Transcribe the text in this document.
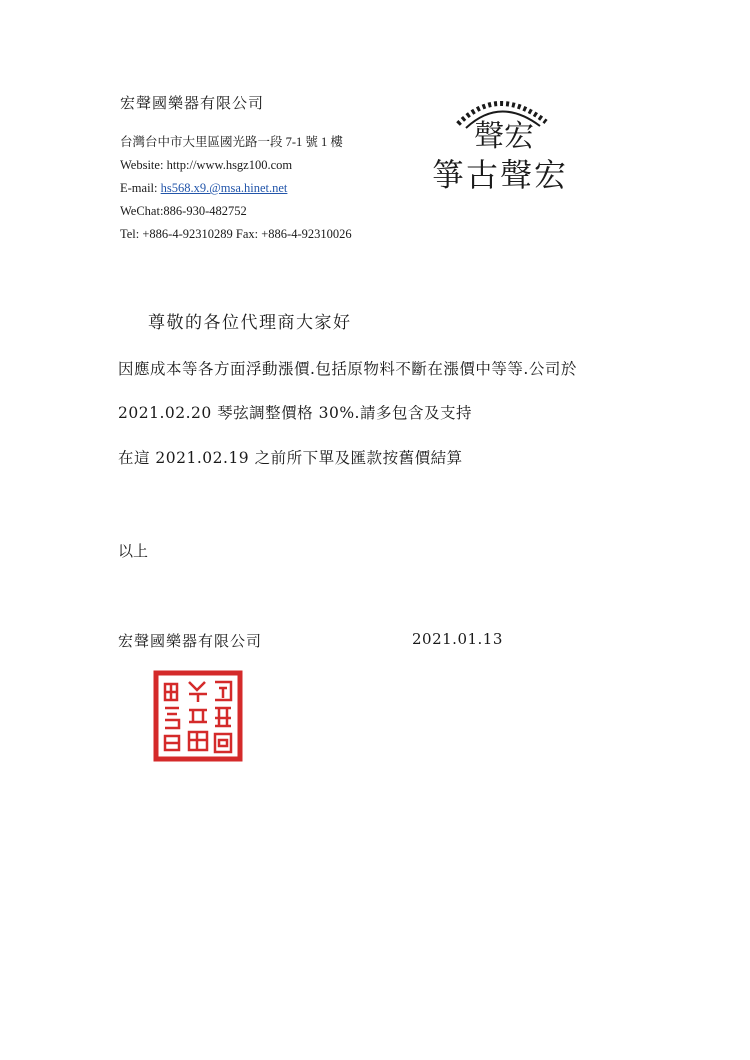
宏聲國樂器有限公司
台灣台中市大里區國光路一段 7-1 號 1 樓
Website: http://www.hsgz100.com
E-mail: hs568.x9.@msa.hinet.net
WeChat:886-930-482752
Tel: +886-4-92310289 Fax: +886-4-92310026
聲宏
箏古聲宏
尊敬的各位代理商大家好
因應成本等各方面浮動漲價.包括原物料不斷在漲價中等等.公司於
2021.02.20 琴弦調整價格 30%.請多包含及支持
在這 2021.02.19 之前所下單及匯款按舊價結算
以上
宏聲國樂器有限公司	2021.01.13
